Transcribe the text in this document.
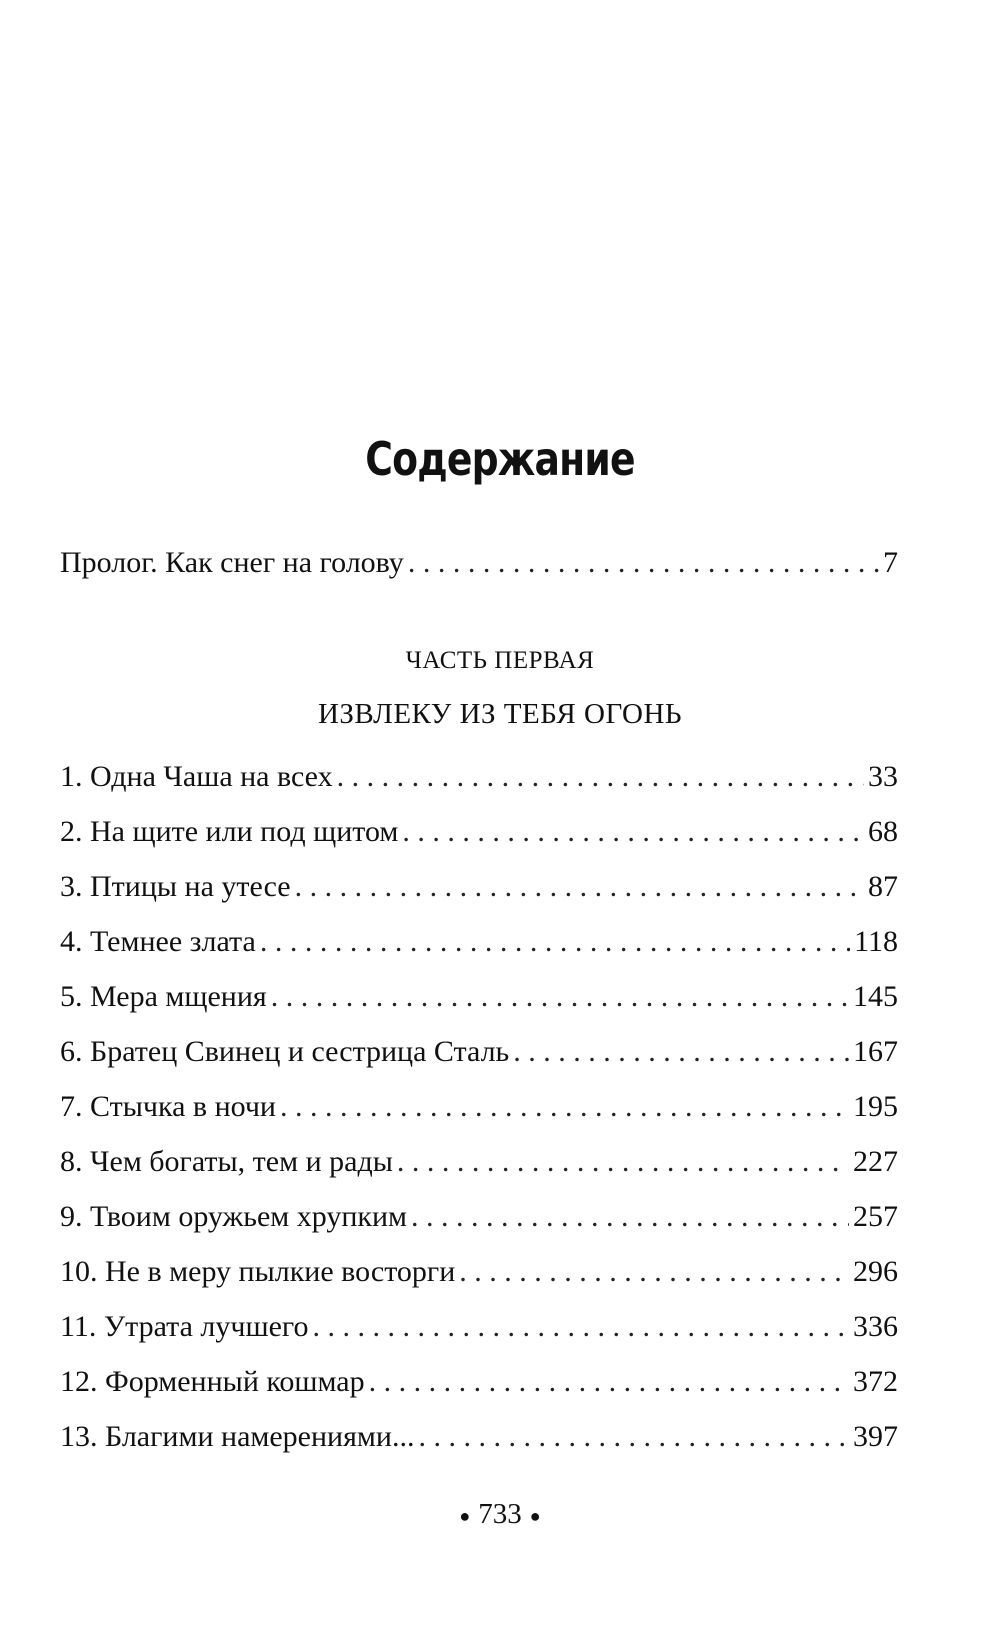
Содержание
Пролог. Как снег на голову . . .	7
ЧАСТЬ ПЕРВАЯ
ИЗВЛЕКУ ИЗ ТЕБЯ ОГОНЬ
1. Одна Чаша на всех . . .	33
2. На щите или под щитом . . .	68
3. Птицы на утесе . . .	87
4. Темнее злата . . .	118
5. Мера мщения . . .	145
6. Братец Свинец и сестрица Сталь . . .	167
7. Стычка в ночи . . .	195
8. Чем богаты, тем и рады . . .	227
9. Твоим оружьем хрупким . . .	257
10. Не в меру пылкие восторги . . .	296
11. Утрата лучшего . . .	336
12. Форменный кошмар . . .	372
13. Благими намерениями... . . .	397
● 733 ●
